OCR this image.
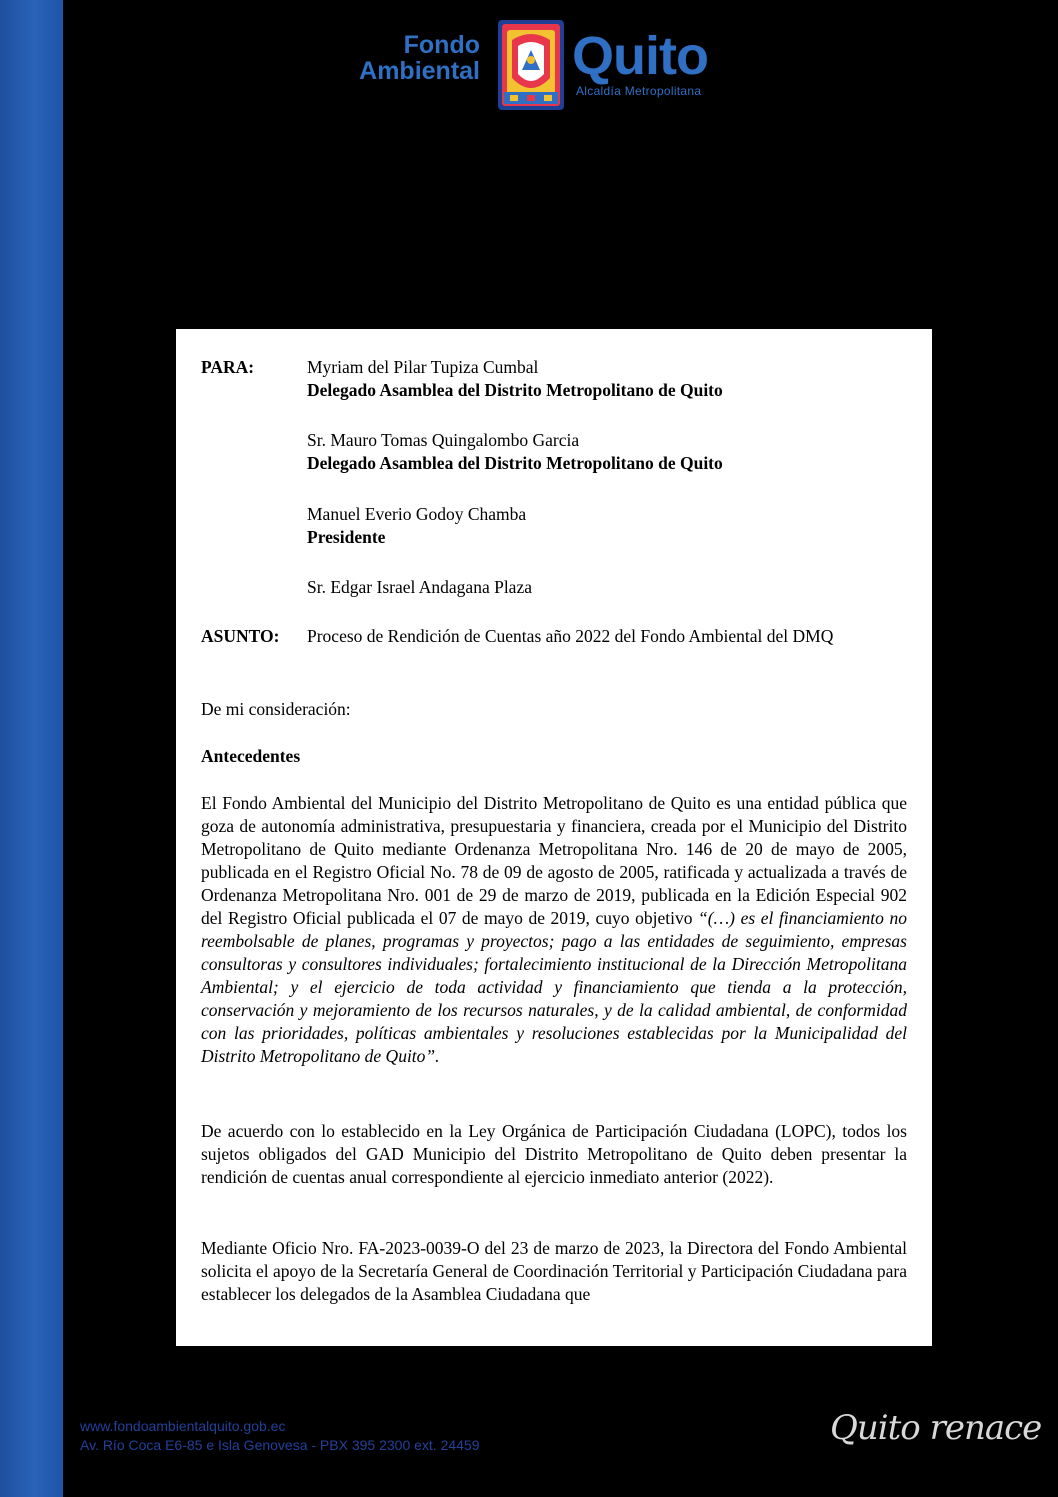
Fondo
Ambiental Quito
Alcaldía Metropolitana
PARA:	Myriam del Pilar Tupiza Cumbal
Delegado Asamblea del Distrito Metropolitano de Quito
Sr. Mauro Tomas Quingalombo Garcia
Delegado Asamblea del Distrito Metropolitano de Quito
Manuel Everio Godoy Chamba
Presidente
Sr. Edgar Israel Andagana Plaza
ASUNTO: Proceso de Rendición de Cuentas año 2022 del Fondo Ambiental del DMQ
De mi consideración:
Antecedentes

El Fondo Ambiental del Municipio del Distrito Metropolitano de Quito es una entidad pública que goza de autonomía administrativa, presupuestaria y financiera, creada por el Municipio del Distrito Metropolitano de Quito mediante Ordenanza Metropolitana Nro. 146 de 20 de mayo de 2005, publicada en el Registro Oficial No. 78 de 09 de agosto de 2005, ratificada y actualizada a través de Ordenanza Metropolitana Nro. 001 de 29 de marzo de 2019, publicada en la Edición Especial 902 del Registro Oficial publicada el 07 de mayo de 2019, cuyo objetivo “(…) es el financiamiento no reembolsable de planes, programas y proyectos; pago a las entidades de seguimiento, empresas consultoras y consultores individuales; fortalecimiento institucional de la Dirección Metropolitana Ambiental; y el ejercicio de toda actividad y financiamiento que tienda a la protección, conservación y mejoramiento de los recursos naturales, y de la calidad ambiental, de conformidad con las prioridades, políticas ambientales y resoluciones establecidas por la Municipalidad del Distrito Metropolitano de Quito”.

De acuerdo con lo establecido en la Ley Orgánica de Participación Ciudadana (LOPC), todos los sujetos obligados del GAD Municipio del Distrito Metropolitano de Quito deben presentar la rendición de cuentas anual correspondiente al ejercicio inmediato anterior (2022).
Mediante Oficio Nro. FA-2023-0039-O del 23 de marzo de 2023, la Directora del Fondo Ambiental solicita el apoyo de la Secretaría General de Coordinación Territorial y Participación Ciudadana para establecer los delegados de la Asamblea Ciudadana que
www.fondoambientalquito.gob.ec
Av. Río Coca E6-85 e Isla Genovesa - PBX 395 2300 ext. 24459	Quito renace
